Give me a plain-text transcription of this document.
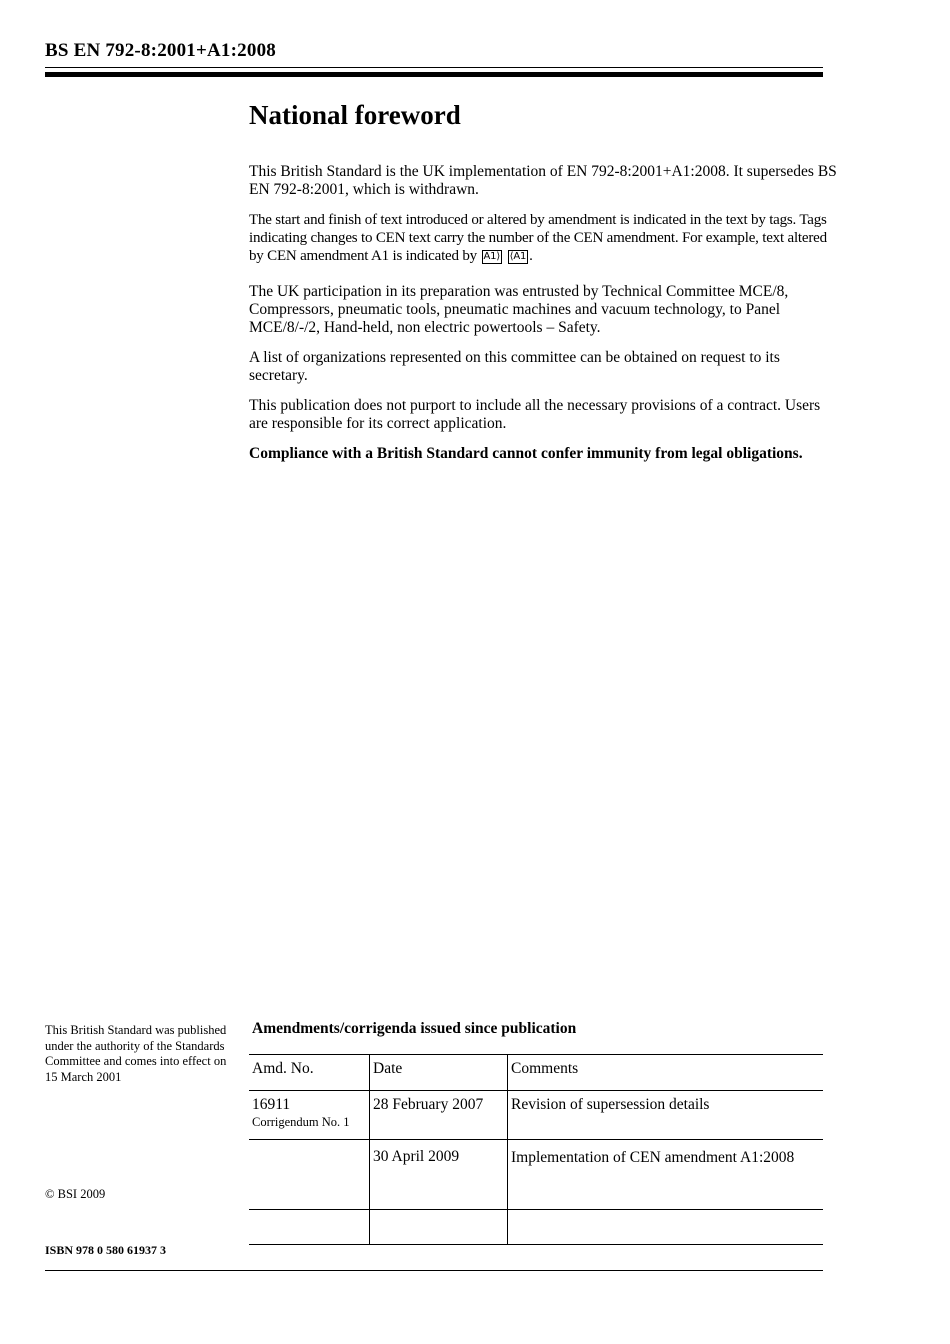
BS EN 792-8:2001+A1:2008
National foreword

This British Standard is the UK implementation of EN 792-8:2001+A1:2008. It supersedes BS EN 792-8:2001, which is withdrawn.

The start and finish of text introduced or altered by amendment is indicated in the text by tags. Tags indicating changes to CEN text carry the number of the CEN amendment. For example, text altered by CEN amendment A1 is indicated by A1⟩ ⟨A1 .

The UK participation in its preparation was entrusted by Technical Committee MCE/8, Compressors, pneumatic tools, pneumatic machines and vacuum technology, to Panel MCE/8/-/2, Hand-held, non electric powertools – Safety.

A list of organizations represented on this committee can be obtained on request to its secretary.

This publication does not purport to include all the necessary provisions of a contract. Users are responsible for its correct application.

Compliance with a British Standard cannot confer immunity from legal obligations.

This British Standard was published under the authority of the Standards Committee and comes into effect on 15 March 2001
© BSI 2009
ISBN 978 0 580 61937 3
Amendments/corrigenda issued since publication
Amd. No.	Date	Comments
16911
Corrigendum No. 1	28 February 2007	Revision of supersession details
	30 April 2009	Implementation of CEN amendment A1:2008
